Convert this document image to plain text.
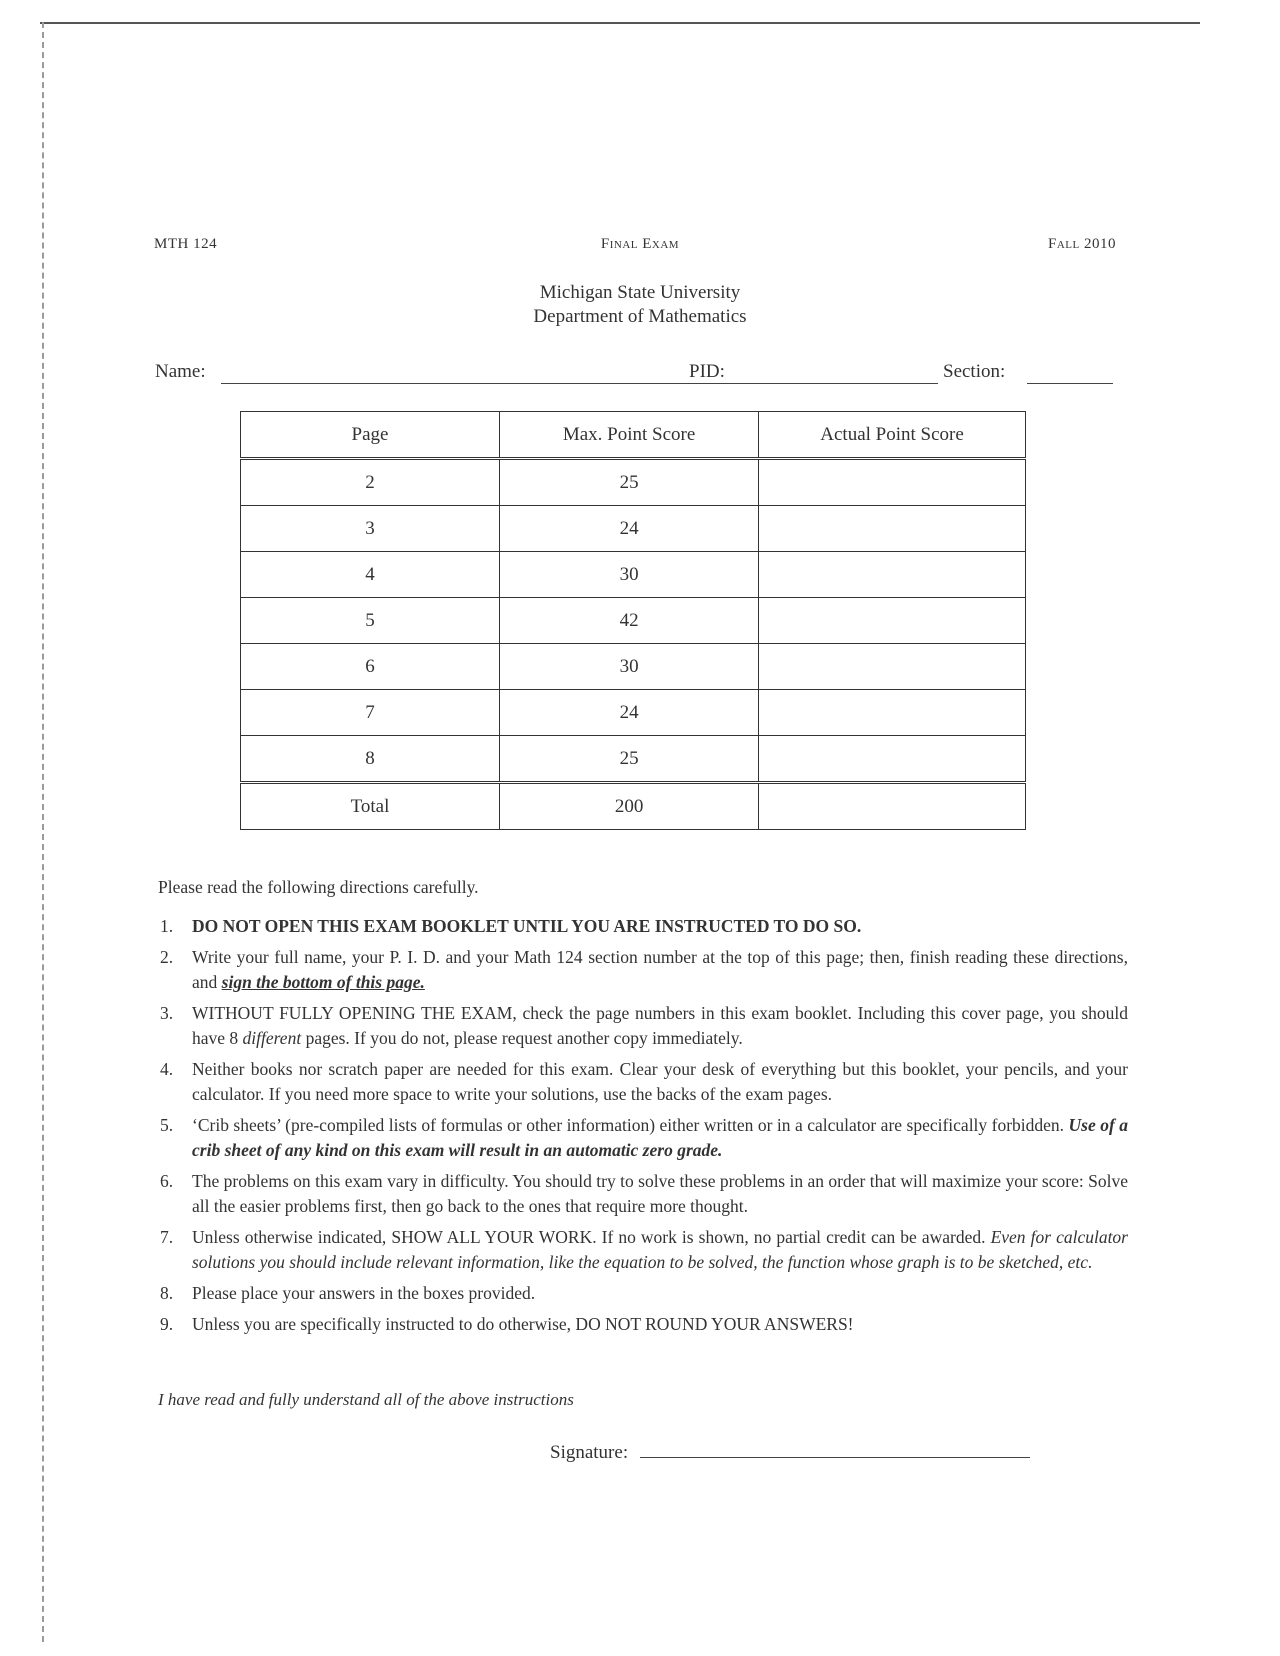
MTH 124	Final Exam	Fall 2010
Michigan State University
Department of Mathematics
Name:	PID:	Section:
Page	Max. Point Score	Actual Point Score
2	25	
3	24	
4	30	
5	42	
6	30	
7	24	
8	25	
Total	200	

Please read the following directions carefully.

1. DO NOT OPEN THIS EXAM BOOKLET UNTIL YOU ARE INSTRUCTED TO DO SO.
2. Write your full name, your P. I. D. and your Math 124 section number at the top of this page; then, finish reading these directions, and sign the bottom of this page.
3. WITHOUT FULLY OPENING THE EXAM, check the page numbers in this exam booklet. Including this cover page, you should have 8 different pages. If you do not, please request another copy immediately.
4. Neither books nor scratch paper are needed for this exam. Clear your desk of everything but this booklet, your pencils, and your calculator. If you need more space to write your solutions, use the backs of the exam pages.
5. ‘Crib sheets’ (pre-compiled lists of formulas or other information) either written or in a calculator are specifically forbidden. Use of a crib sheet of any kind on this exam will result in an automatic zero grade.
6. The problems on this exam vary in difficulty. You should try to solve these problems in an order that will maximize your score: Solve all the easier problems first, then go back to the ones that require more thought.
7. Unless otherwise indicated, SHOW ALL YOUR WORK. If no work is shown, no partial credit can be awarded. Even for calculator solutions you should include relevant information, like the equation to be solved, the function whose graph is to be sketched, etc.
8. Please place your answers in the boxes provided.
9. Unless you are specifically instructed to do otherwise, DO NOT ROUND YOUR ANSWERS!
I have read and fully understand all of the above instructions
Signature:
